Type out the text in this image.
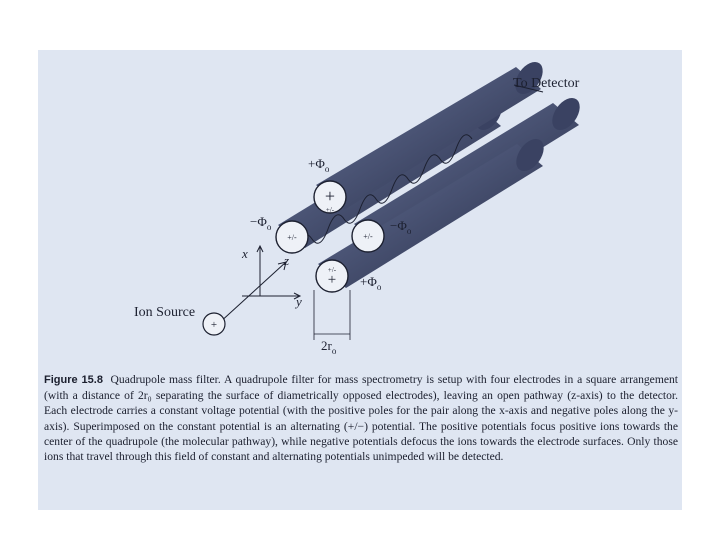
+
+/-
+/-	+/-
+/-
+
$+\Phi_o$
$-\Phi_o$	$-\Phi_o$
$+\Phi_o$
To Detector
x
y
z
+
Ion Source
$2r_o$

Figure 15.8 Quadrupole mass filter. A quadrupole filter for mass spectrometry is setup with four electrodes in a square arrangement (with a distance of 2r₀ separating the surface of diametrically opposed electrodes), leaving an open pathway (z-axis) to the detector. Each electrode carries a constant voltage potential (with the positive poles for the pair along the x-axis and negative poles along the y-axis). Superimposed on the constant potential is an alternating (+/−) potential. The positive potentials focus positive ions towards the center of the quadrupole (the molecular pathway), while negative potentials defocus the ions towards the electrode surfaces. Only those ions that travel through this field of constant and alternating potentials unimpeded will be detected.
